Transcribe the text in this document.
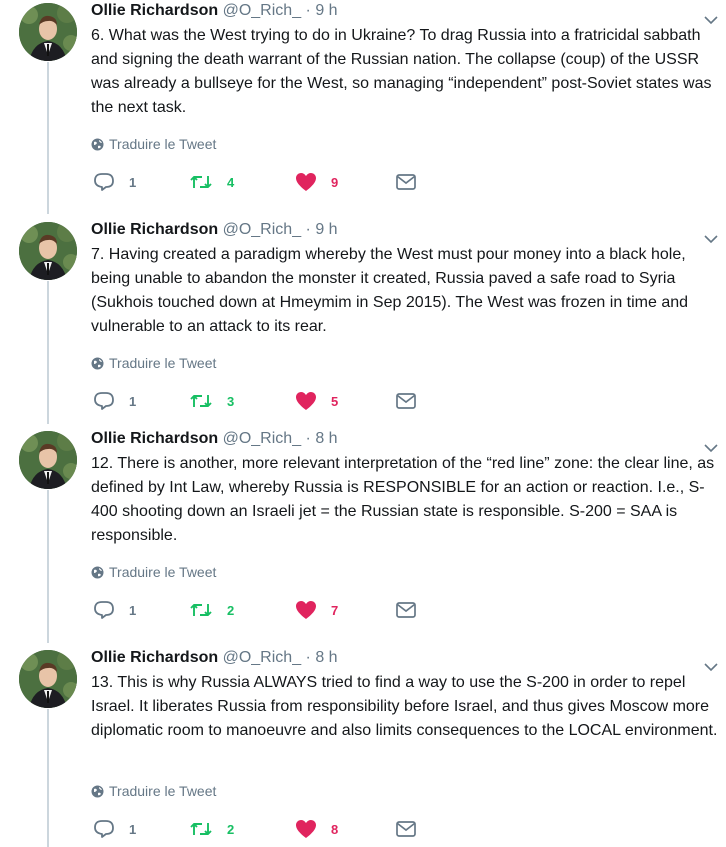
Ollie Richardson @O_Rich_ · 9 h
6. What was the West trying to do in Ukraine? To drag Russia into a fratricidal sabbath and signing the death warrant of the Russian nation. The collapse (coup) of the USSR was already a bullseye for the West, so managing “independent” post-Soviet states was the next task.
Traduire le Tweet
1	4	9
Ollie Richardson @O_Rich_ · 9 h
7. Having created a paradigm whereby the West must pour money into a black hole, being unable to abandon the monster it created, Russia paved a safe road to Syria (Sukhois touched down at Hmeymim in Sep 2015). The West was frozen in time and vulnerable to an attack to its rear.
Traduire le Tweet
1	3	5
Ollie Richardson @O_Rich_ · 8 h
12. There is another, more relevant interpretation of the “red line” zone: the clear line, as defined by Int Law, whereby Russia is RESPONSIBLE for an action or reaction. I.e., S-400 shooting down an Israeli jet = the Russian state is responsible. S-200 = SAA is responsible.
Traduire le Tweet
1	2	7
Ollie Richardson @O_Rich_ · 8 h
13. This is why Russia ALWAYS tried to find a way to use the S-200 in order to repel Israel. It liberates Russia from responsibility before Israel, and thus gives Moscow more diplomatic room to manoeuvre and also limits consequences to the LOCAL environment.
Traduire le Tweet
1	2	8
